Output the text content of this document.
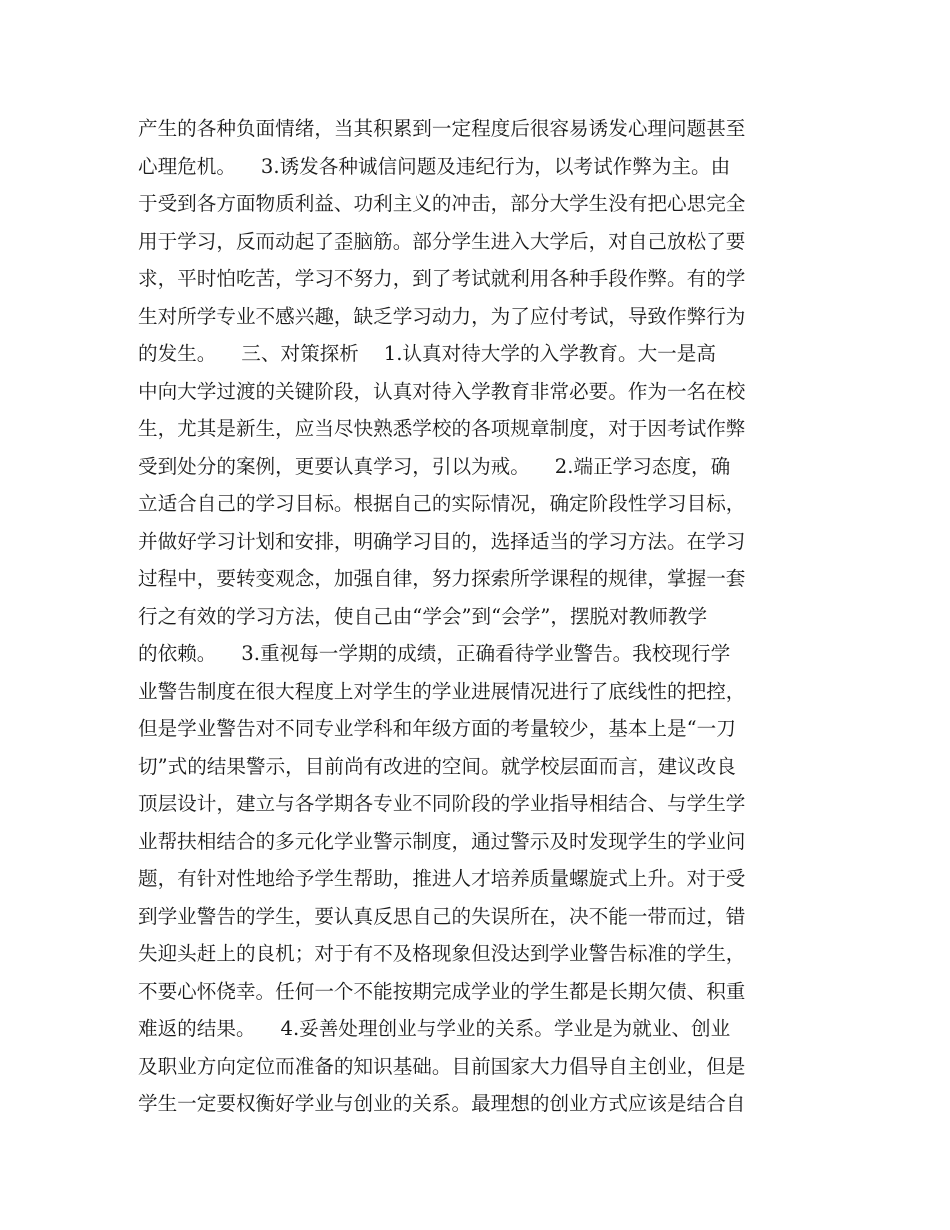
产生的各种负面情绪，当其积累到一定程度后很容易诱发心理问题甚至
心理危机。    3.诱发各种诚信问题及违纪行为，以考试作弊为主。由
于受到各方面物质利益、功利主义的冲击，部分大学生没有把心思完全
用于学习，反而动起了歪脑筋。部分学生进入大学后，对自己放松了要
求，平时怕吃苦，学习不努力，到了考试就利用各种手段作弊。有的学
生对所学专业不感兴趣，缺乏学习动力，为了应付考试，导致作弊行为
的发生。    三、对策探析    1.认真对待大学的入学教育。大一是高
中向大学过渡的关键阶段，认真对待入学教育非常必要。作为一名在校
生，尤其是新生，应当尽快熟悉学校的各项规章制度，对于因考试作弊
受到处分的案例，更要认真学习，引以为戒。    2.端正学习态度，确
立适合自己的学习目标。根据自己的实际情况，确定阶段性学习目标，
并做好学习计划和安排，明确学习目的，选择适当的学习方法。在学习
过程中，要转变观念，加强自律，努力探索所学课程的规律，掌握一套
行之有效的学习方法，使自己由“学会”到“会学”，摆脱对教师教学
的依赖。    3.重视每一学期的成绩，正确看待学业警告。我校现行学
业警告制度在很大程度上对学生的学业进展情况进行了底线性的把控，
但是学业警告对不同专业学科和年级方面的考量较少，基本上是“一刀
切”式的结果警示，目前尚有改进的空间。就学校层面而言，建议改良
顶层设计，建立与各学期各专业不同阶段的学业指导相结合、与学生学
业帮扶相结合的多元化学业警示制度，通过警示及时发现学生的学业问
题，有针对性地给予学生帮助，推进人才培养质量螺旋式上升。对于受
到学业警告的学生，要认真反思自己的失误所在，决不能一带而过，错
失迎头赶上的良机；对于有不及格现象但没达到学业警告标准的学生，
不要心怀侥幸。任何一个不能按期完成学业的学生都是长期欠债、积重
难返的结果。    4.妥善处理创业与学业的关系。学业是为就业、创业
及职业方向定位而准备的知识基础。目前国家大力倡导自主创业，但是
学生一定要权衡好学业与创业的关系。最理想的创业方式应该是结合自
